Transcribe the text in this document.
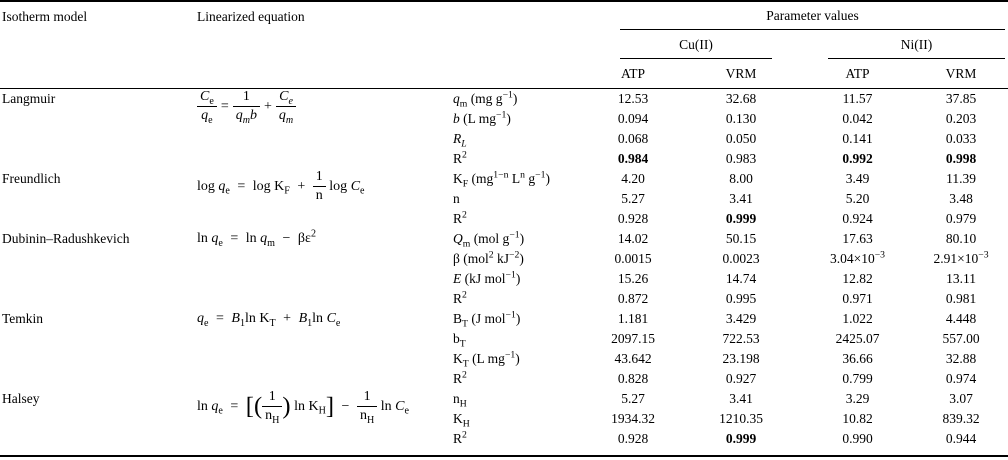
Isotherm model	Linearized equation		Parameter values			

			Cu(II)		Ni(II)	

			ATP	VRM	ATP	VRM
Langmuir	$\frac{C_e}{q_e} = \frac{1}{q_mb} + \frac{C_e}{q_m}$	$q_m$ (mg $g^{-1}$)	12.53	32.68	11.57	37.85
		b (L $mg^{-1}$)	0.094	0.130	0.042	0.203
		$R_L$	0.068	0.050	0.141	0.033
		$R^2$	0.984	0.983	0.992	0.998
Freundlich	$\log q_e = \log K_F + \frac{1}{n}$ $\log C_e$	$K_F$ ($mg^{1-n}$ $L^n$ $g^{-1}$)	4.20	8.00	3.49	11.39
		n	5.27	3.41	5.20	3.48
		$R^2$	0.928	0.999	0.924	0.979
Dubinin–Radushkevich	$\ln q_e = \ln q_m - \beta\varepsilon^2$	$Q_m$ (mol $g^{-1}$)	14.02	50.15	17.63	80.10
		β (mol$^2$ $kJ^{-2}$)	0.0015	0.0023	$3.04\times 10^{-3}$	$2.91\times 10^{-3}$
		E (kJ mol$^{-1}$)	15.26	14.74	12.82	13.11
		$R^2$	0.872	0.995	0.971	0.981
Temkin	$q_e = B_1\ln$ $K_T + B_1\ln$ $C_e$	$B_T$ (J mol$^{-1}$)	1.181	3.429	1.022	4.448
		$b_T$	2097.15	722.53	2425.07	557.00
		$K_T$ (L $mg^{-1}$)	43.642	23.198	36.66	32.88
		$R^2$	0.828	0.927	0.799	0.974
Halsey	$\ln q_e$ = [( $\frac{1}{n_H}$ ) $\ln K_H] - \frac{1}{n_H}$ $\ln C_e$	$n_H$	5.27	3.41	3.29	3.07
		$K_H$	1934.32	1210.35	10.82	839.32
		$R^2$	0.928	0.999	0.990	0.944
